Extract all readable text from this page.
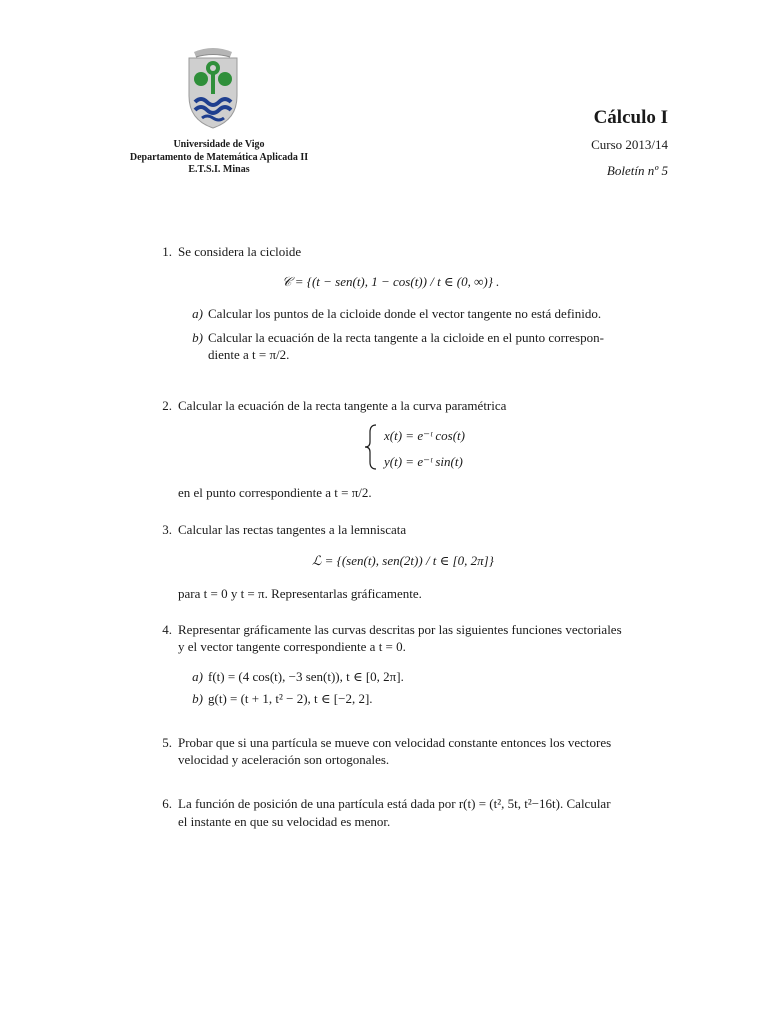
Universidade de Vigo
Departamento de Matemática Aplicada II
E.T.S.I. Minas
Cálculo I
Curso 2013/14
Boletín nº 5
1. Se considera la cicloide
𝒞 = {(t − sen(t), 1 − cos(t)) / t ∈ (0, ∞)} .
a) Calcular los puntos de la cicloide donde el vector tangente no está definido.
b) Calcular la ecuación de la recta tangente a la cicloide en el punto correspon-
diente a t = π/2.
2. Calcular la ecuación de la recta tangente a la curva paramétrica
x(t) = e⁻ᵗ cos(t)
y(t) = e⁻ᵗ sin(t)
en el punto correspondiente a t = π/2.
3. Calcular las rectas tangentes a la lemniscata
ℒ = {(sen(t), sen(2t)) / t ∈ [0, 2π]}
para t = 0 y t = π. Representarlas gráficamente.
4. Representar gráficamente las curvas descritas por las siguientes funciones vectoriales
y el vector tangente correspondiente a t = 0.
a) f(t) = (4 cos(t), −3 sen(t)), t ∈ [0, 2π].
b) g(t) = (t + 1, t² − 2), t ∈ [−2, 2].
5. Probar que si una partícula se mueve con velocidad constante entonces los vectores
velocidad y aceleración son ortogonales.
6. La función de posición de una partícula está dada por r(t) = (t², 5t, t²−16t). Calcular
el instante en que su velocidad es menor.
